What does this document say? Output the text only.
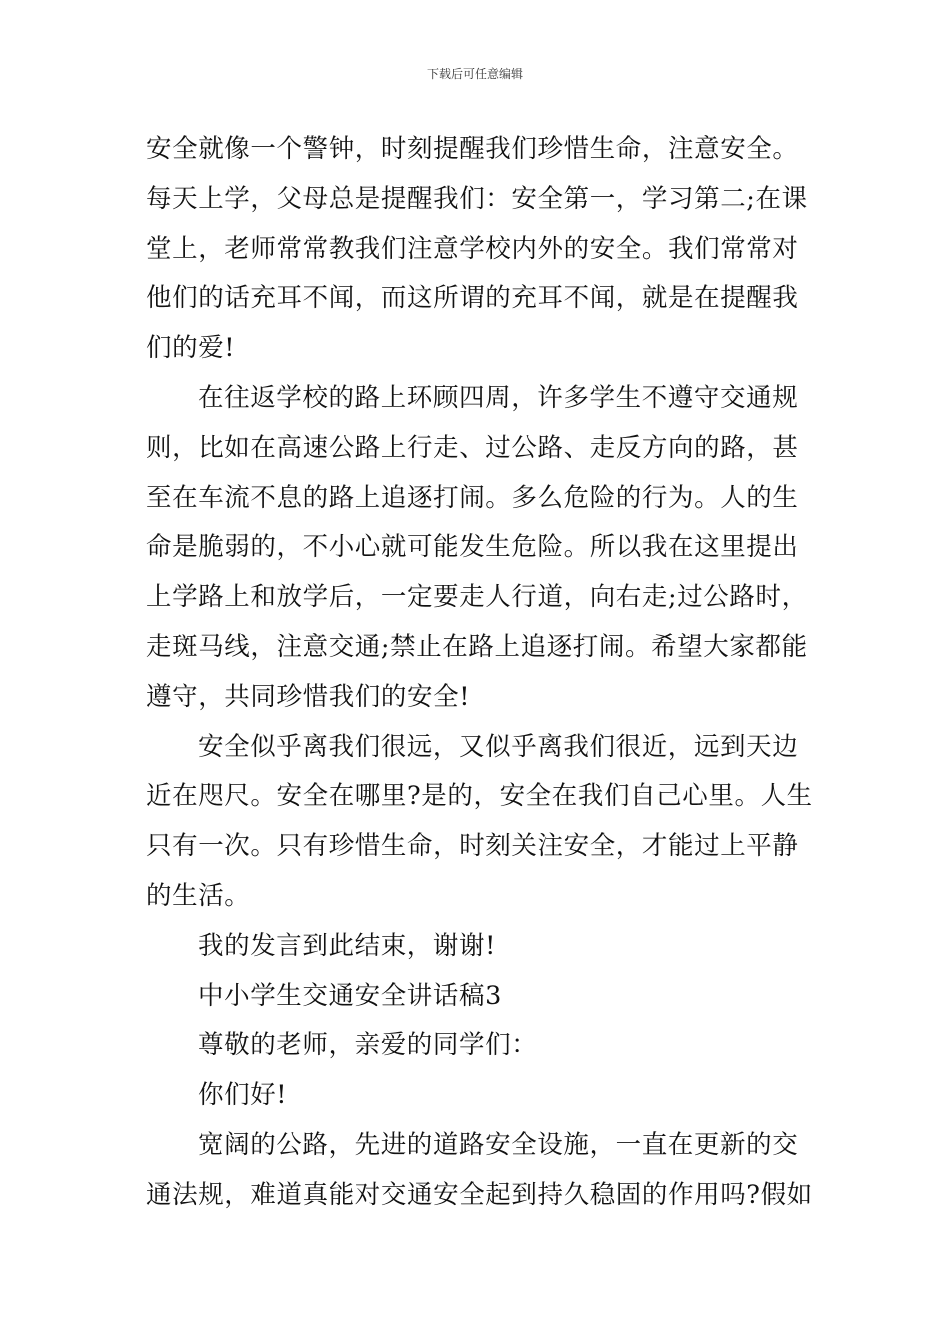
下载后可任意编辑
安全就像一个警钟，时刻提醒我们珍惜生命，注意安全。
每天上学，父母总是提醒我们：安全第一，学习第二;在课
堂上，老师常常教我们注意学校内外的安全。我们常常对
他们的话充耳不闻，而这所谓的充耳不闻，就是在提醒我
们的爱!
在往返学校的路上环顾四周，许多学生不遵守交通规
则，比如在高速公路上行走、过公路、走反方向的路，甚
至在车流不息的路上追逐打闹。多么危险的行为。人的生
命是脆弱的，不小心就可能发生危险。所以我在这里提出
上学路上和放学后，一定要走人行道，向右走;过公路时，
走斑马线，注意交通;禁止在路上追逐打闹。希望大家都能
遵守，共同珍惜我们的安全!
安全似乎离我们很远，又似乎离我们很近，远到天边
近在咫尺。安全在哪里?是的，安全在我们自己心里。人生
只有一次。只有珍惜生命，时刻关注安全，才能过上平静
的生活。
我的发言到此结束，谢谢!
中小学生交通安全讲话稿3
尊敬的老师，亲爱的同学们：
你们好!
宽阔的公路，先进的道路安全设施，一直在更新的交
通法规，难道真能对交通安全起到持久稳固的作用吗?假如
